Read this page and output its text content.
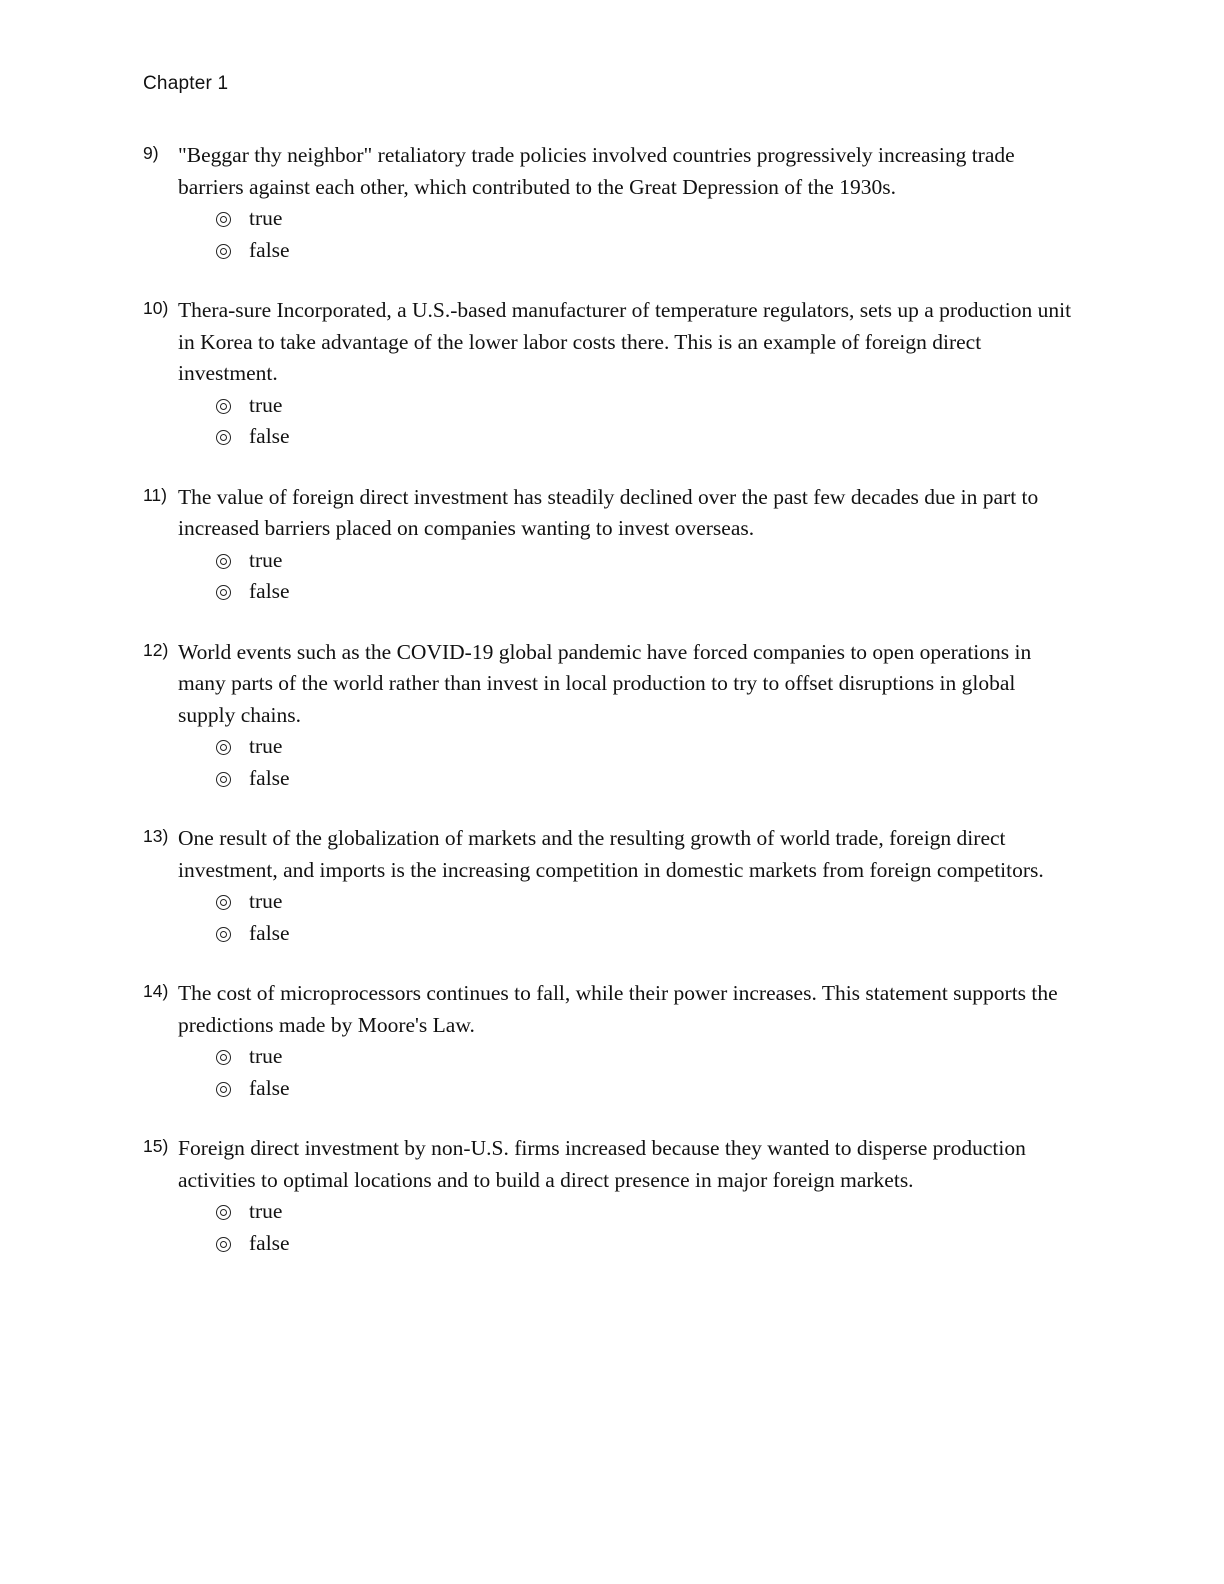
Chapter 1
9) "Beggar thy neighbor" retaliatory trade policies involved countries progressively increasing trade barriers against each other, which contributed to the Great Depression of the 1930s.
true
false
10) Thera-sure Incorporated, a U.S.-based manufacturer of temperature regulators, sets up a production unit in Korea to take advantage of the lower labor costs there. This is an example of foreign direct investment.
true
false
11) The value of foreign direct investment has steadily declined over the past few decades due in part to increased barriers placed on companies wanting to invest overseas.
true
false
12) World events such as the COVID-19 global pandemic have forced companies to open operations in many parts of the world rather than invest in local production to try to offset disruptions in global supply chains.
true
false
13) One result of the globalization of markets and the resulting growth of world trade, foreign direct investment, and imports is the increasing competition in domestic markets from foreign competitors.
true
false
14) The cost of microprocessors continues to fall, while their power increases. This statement supports the predictions made by Moore's Law.
true
false
15) Foreign direct investment by non-U.S. firms increased because they wanted to disperse production activities to optimal locations and to build a direct presence in major foreign markets.
true
false
